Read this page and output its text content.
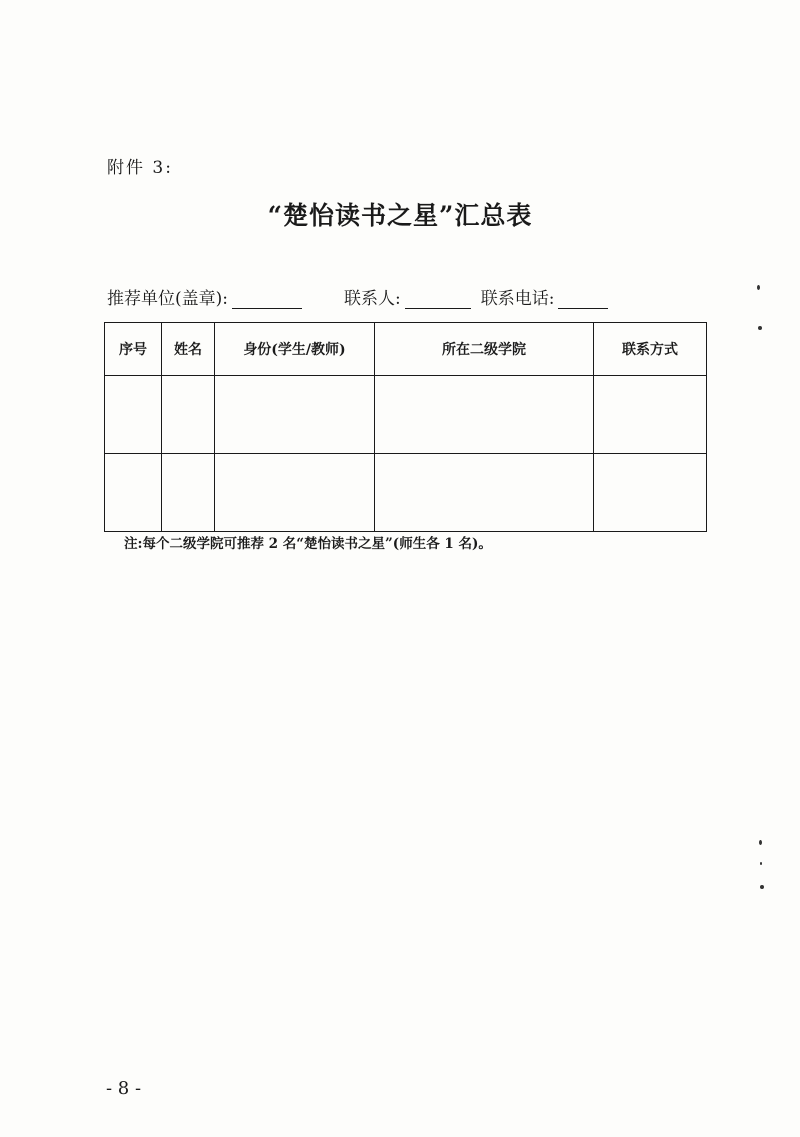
附件 3:
“楚怡读书之星”汇总表
推荐单位(盖章):	联系人:	联系电话:
序号	姓名	身份(学生/教师)	所在二级学院	联系方式

注:每个二级学院可推荐 2 名“楚怡读书之星”(师生各 1 名)。
- 8 -
